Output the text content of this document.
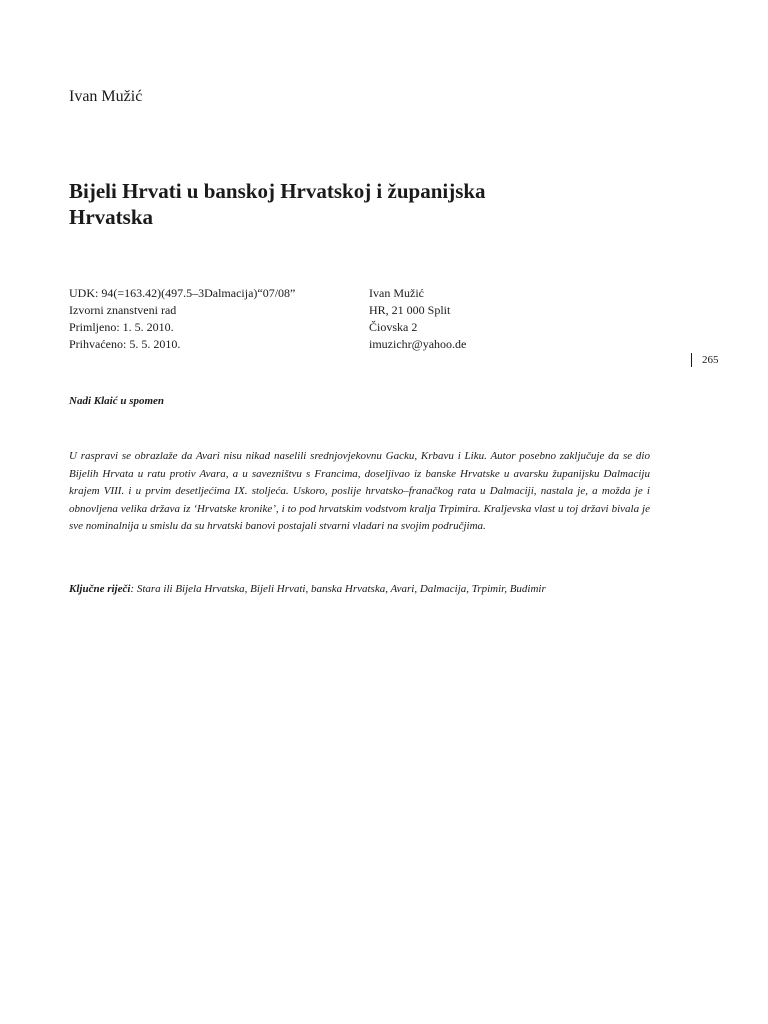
Ivan Mužić
Bijeli Hrvati u banskoj Hrvatskoj i županijska Hrvatska
UDK: 94(=163.42)(497.5–3Dalmacija)“07/08”
Izvorni znanstveni rad
Primljeno: 1. 5. 2010.
Prihvaćeno: 5. 5. 2010.
Ivan Mužić
HR, 21 000 Split
Čiovska 2
imuzichr@yahoo.de
265
Nadi Klaić u spomen

U raspravi se obrazlaže da Avari nisu nikad naselili srednjovjekovnu Gacku, Krbavu i Liku. Autor posebno zaključuje da se dio Bijelih Hrvata u ratu protiv Avara, a u savezništvu s Francima, doseljivao iz banske Hrvatske u avarsku županijsku Dalmaciju krajem VIII. i u prvim desetljećima IX. stoljeća. Uskoro, poslije hrvatsko–franačkog rata u Dalmaciji, nastala je, a možda je i obnovljena velika država iz ‘Hrvatske kronike’, i to pod hrvatskim vodstvom kralja Trpimira. Kraljevska vlast u toj državi bivala je sve nominalnija u smislu da su hrvatski banovi postajali stvarni vladari na svojim područjima.

Ključne riječi: Stara ili Bijela Hrvatska, Bijeli Hrvati, banska Hrvatska, Avari, Dalmacija, Trpimir, Budimir
